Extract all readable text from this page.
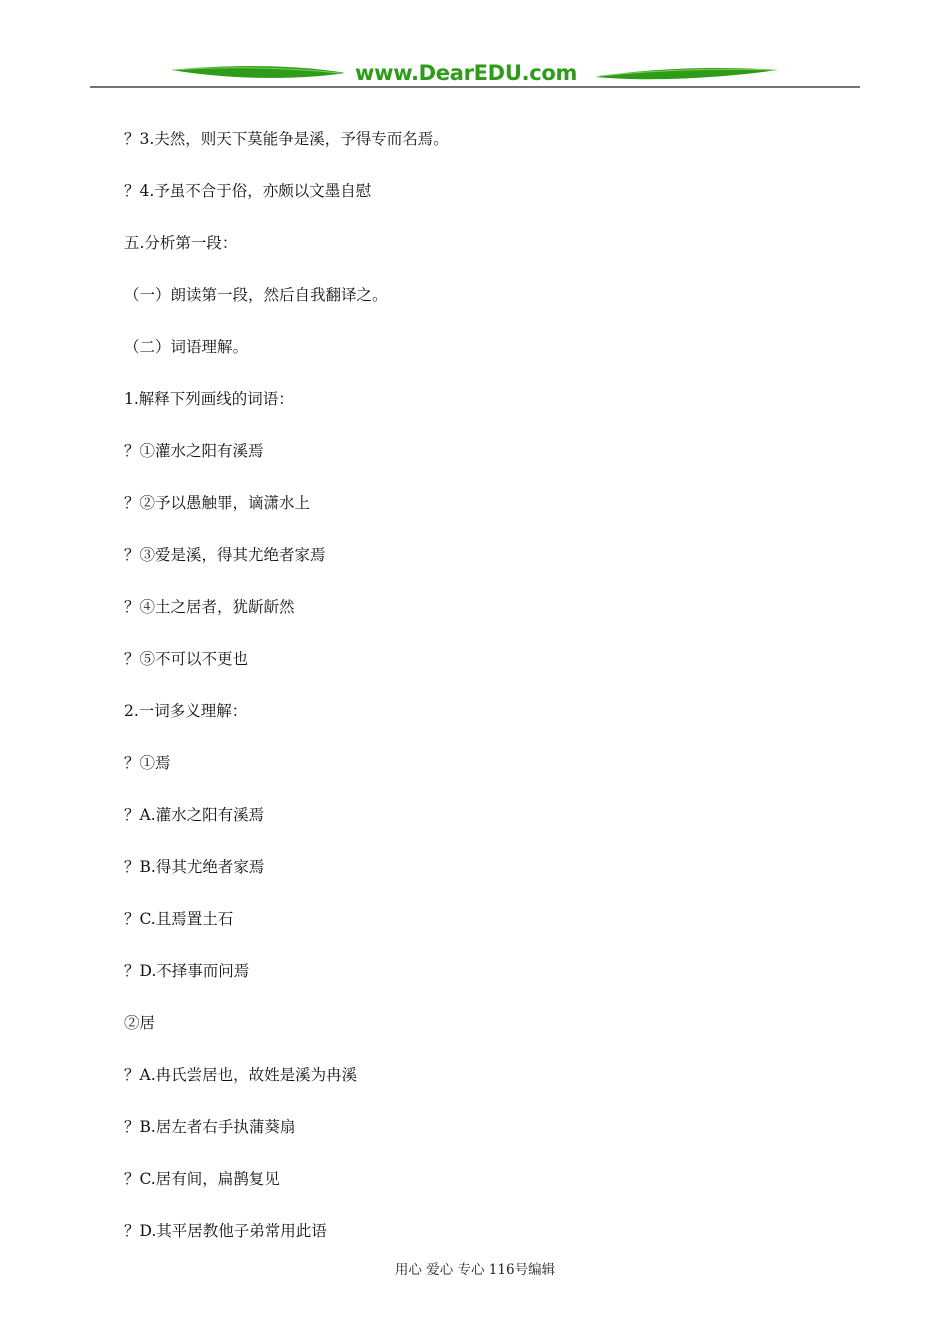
www.DearEDU.com
？3.夫然，则天下莫能争是溪，予得专而名焉。
？4.予虽不合于俗，亦颇以文墨自慰
五.分析第一段：
（一）朗读第一段，然后自我翻译之。
（二）词语理解。
1.解释下列画线的词语：
？①灌水之阳有溪焉
？②予以愚触罪，谪潇水上
？③爱是溪，得其尤绝者家焉
？④土之居者，犹龂龂然
？⑤不可以不更也
2.一词多义理解：
？①焉
？A.灌水之阳有溪焉
？B.得其尤绝者家焉
？C.且焉置土石
？D.不择事而问焉
②居
？A.冉氏尝居也，故姓是溪为冉溪
？B.居左者右手执蒲葵扇
？C.居有间，扁鹊复见
？D.其平居教他子弟常用此语
用心 爱心 专心 116号编辑
